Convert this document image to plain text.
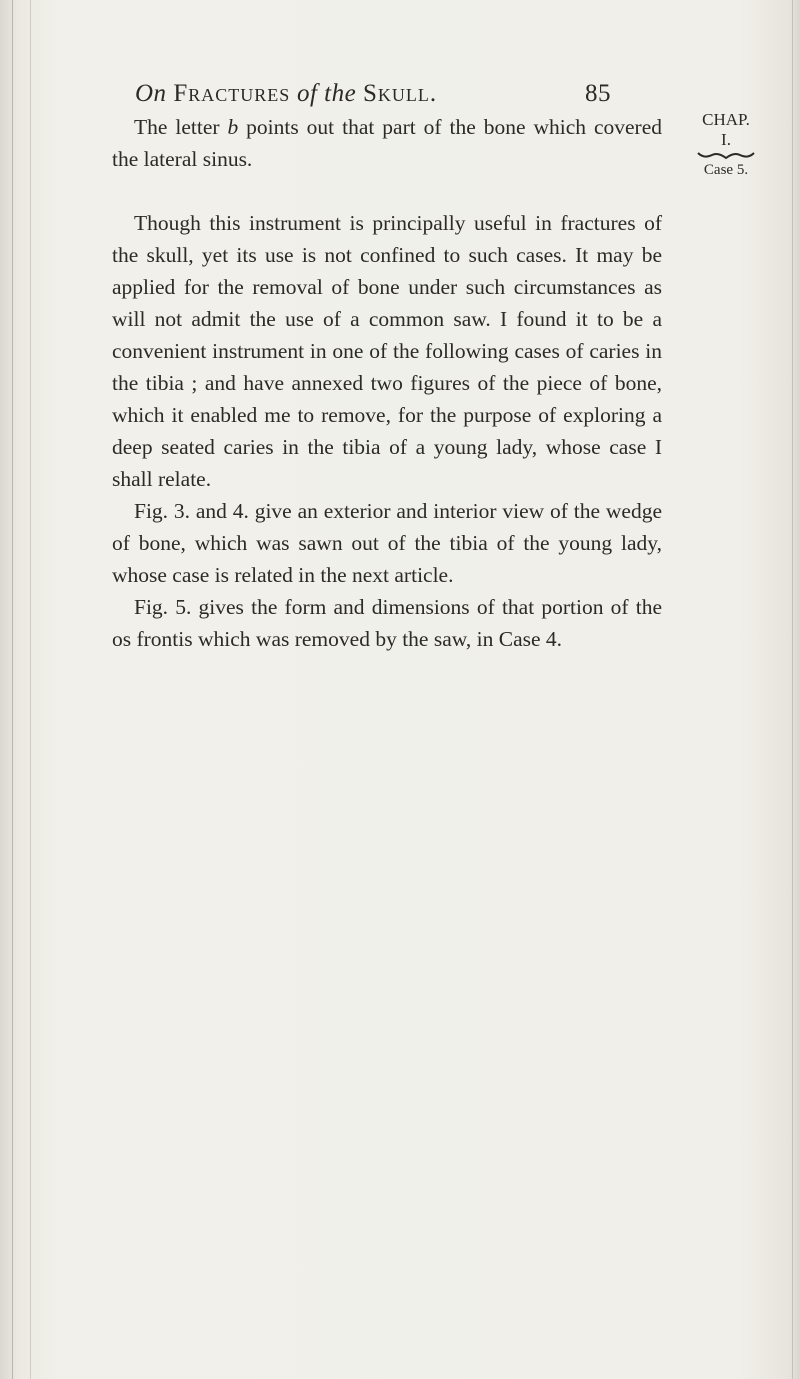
On Fractures of the Skull.	85
CHAP.
I.
Case 5.

The letter b points out that part of the bone which covered the lateral sinus.

Though this instrument is principally useful in fractures of the skull, yet its use is not confined to such cases. It may be applied for the removal of bone under such circumstances as will not admit the use of a common saw. I found it to be a convenient instrument in one of the following cases of caries in the tibia ; and have annexed two figures of the piece of bone, which it enabled me to remove, for the purpose of exploring a deep seated caries in the tibia of a young lady, whose case I shall relate.

Fig. 3. and 4. give an exterior and interior view of the wedge of bone, which was sawn out of the tibia of the young lady, whose case is related in the next article.

Fig. 5. gives the form and dimensions of that portion of the os frontis which was removed by the saw, in Case 4.
